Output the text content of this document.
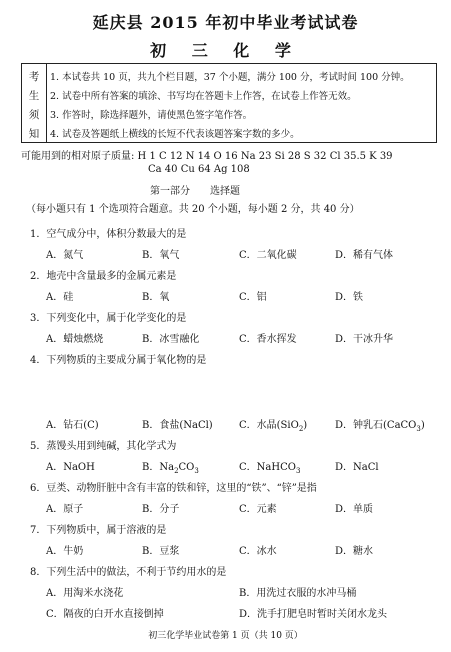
延庆县 2015 年初中毕业考试试卷
初 三 化 学
考
生
须
知
1. 本试卷共 10 页，共九个栏目题，37 个小题，满分 100 分，考试时间 100 分钟。
2. 试卷中所有答案的填涂、书写均在答题卡上作答，在试卷上作答无效。
3. 作答时，除选择题外，请使黑色签字笔作答。
4. 试卷及答题纸上横线的长短不代表该题答案字数的多少。
可能用到的相对原子质量: H 1 C 12 N 14 O 16 Na 23 Si 28 S 32 Cl 35.5 K 39
Ca 40 Cu 64 Ag 108
第一部分　　选择题
（每小题只有 1 个选项符合题意。共 20 个小题，每小题 2 分，共 40 分）
1．空气成分中，体积分数最大的是
A．氮气	B．氧气	C．二氧化碳	D．稀有气体
2．地壳中含量最多的金属元素是
A．硅	B．氧	C．铝	D．铁
3．下列变化中，属于化学变化的是
A．蜡烛燃烧	B．冰雪融化	C．香水挥发	D．干冰升华
4．下列物质的主要成分属于氧化物的是
A．钻石(C)	B．食盐(NaCl)	C．水晶(SiO$_2$)	D．钟乳石(CaCO$_3$)
5．蒸馒头用到纯碱，其化学式为
A．NaOH	B．$Na_2CO_3$	C．NaHCO$_3$	D．NaCl
6．豆类、动物肝脏中含有丰富的铁和锌，这里的“铁”、“锌”是指
A．原子	B．分子	C．元素	D．单质
7．下列物质中，属于溶液的是
A．牛奶	B．豆浆	C．冰水	D．糖水
8．下列生活中的做法，不利于节约用水的是
A．用淘米水浇花	B．用洗过衣服的水冲马桶
C．隔夜的白开水直接倒掉	D．洗手打肥皂时暂时关闭水龙头
初三化学毕业试卷第 1 页（共 10 页）
